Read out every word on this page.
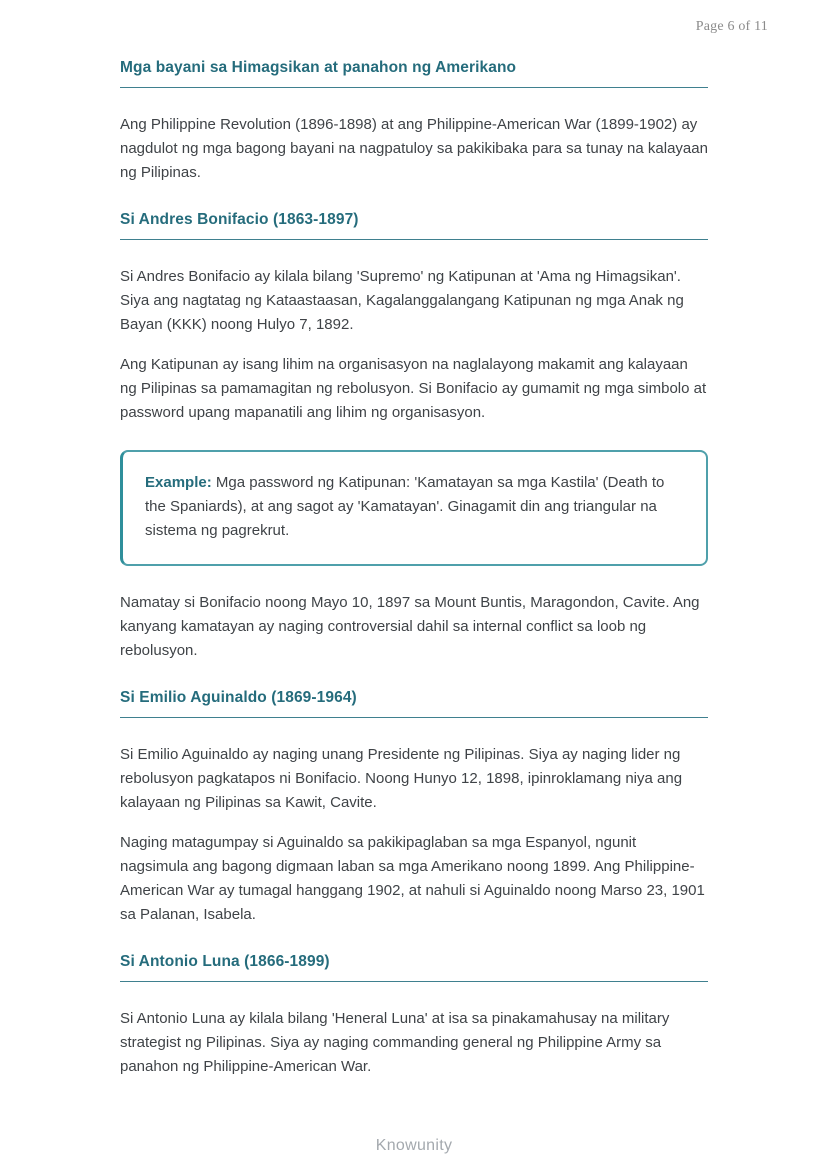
Page 6 of 11
Mga bayani sa Himagsikan at panahon ng Amerikano

Ang Philippine Revolution (1896-1898) at ang Philippine-American War (1899-1902) ay nagdulot ng mga bagong bayani na nagpatuloy sa pakikibaka para sa tunay na kalayaan ng Pilipinas.

Si Andres Bonifacio (1863-1897)

Si Andres Bonifacio ay kilala bilang 'Supremo' ng Katipunan at 'Ama ng Himagsikan'. Siya ang nagtatag ng Kataastaasan, Kagalanggalangang Katipunan ng mga Anak ng Bayan (KKK) noong Hulyo 7, 1892.

Ang Katipunan ay isang lihim na organisasyon na naglalayong makamit ang kalayaan ng Pilipinas sa pamamagitan ng rebolusyon. Si Bonifacio ay gumamit ng mga simbolo at password upang mapanatili ang lihim ng organisasyon.

Example: Mga password ng Katipunan: 'Kamatayan sa mga Kastila' (Death to the Spaniards), at ang sagot ay 'Kamatayan'. Ginagamit din ang triangular na sistema ng pagrekrut.

Namatay si Bonifacio noong Mayo 10, 1897 sa Mount Buntis, Maragondon, Cavite. Ang kanyang kamatayan ay naging controversial dahil sa internal conflict sa loob ng rebolusyon.

Si Emilio Aguinaldo (1869-1964)

Si Emilio Aguinaldo ay naging unang Presidente ng Pilipinas. Siya ay naging lider ng rebolusyon pagkatapos ni Bonifacio. Noong Hunyo 12, 1898, ipinroklamang niya ang kalayaan ng Pilipinas sa Kawit, Cavite.

Naging matagumpay si Aguinaldo sa pakikipaglaban sa mga Espanyol, ngunit nagsimula ang bagong digmaan laban sa mga Amerikano noong 1899. Ang Philippine-American War ay tumagal hanggang 1902, at nahuli si Aguinaldo noong Marso 23, 1901 sa Palanan, Isabela.

Si Antonio Luna (1866-1899)

Si Antonio Luna ay kilala bilang 'Heneral Luna' at isa sa pinakamahusay na military strategist ng Pilipinas. Siya ay naging commanding general ng Philippine Army sa panahon ng Philippine-American War.

Knowunity
